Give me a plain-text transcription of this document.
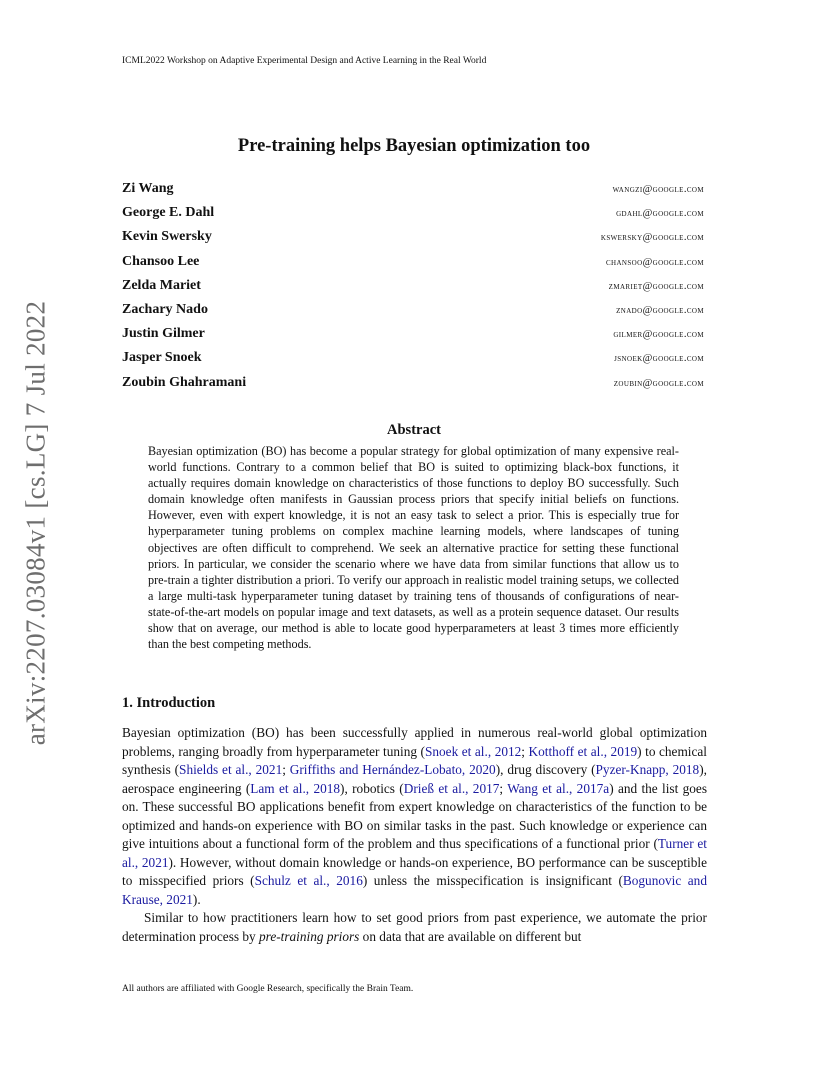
ICML2022 Workshop on Adaptive Experimental Design and Active Learning in the Real World
Pre-training helps Bayesian optimization too
Zi Wang	wangzi@google.com
George E. Dahl	gdahl@google.com
Kevin Swersky	kswersky@google.com
Chansoo Lee	chansoo@google.com
Zelda Mariet	zmariet@google.com
Zachary Nado	znado@google.com
Justin Gilmer	gilmer@google.com
Jasper Snoek	jsnoek@google.com
Zoubin Ghahramani	zoubin@google.com
Abstract
Bayesian optimization (BO) has become a popular strategy for global optimization of many expensive real-world functions. Contrary to a common belief that BO is suited to optimizing black-box functions, it actually requires domain knowledge on characteristics of those functions to deploy BO successfully. Such domain knowledge often manifests in Gaussian process priors that specify initial beliefs on functions. However, even with expert knowledge, it is not an easy task to select a prior. This is especially true for hyperparameter tuning problems on complex machine learning models, where landscapes of tuning objectives are often difficult to comprehend. We seek an alternative practice for setting these functional priors. In particular, we consider the scenario where we have data from similar functions that allow us to pre-train a tighter distribution a priori. To verify our approach in realistic model training setups, we collected a large multi-task hyperparameter tuning dataset by training tens of thousands of configurations of near-state-of-the-art models on popular image and text datasets, as well as a protein sequence dataset. Our results show that on average, our method is able to locate good hyperparameters at least 3 times more efficiently than the best competing methods.
1. Introduction

Bayesian optimization (BO) has been successfully applied in numerous real-world global optimization problems, ranging broadly from hyperparameter tuning (Snoek et al., 2012; Kotthoff et al., 2019) to chemical synthesis (Shields et al., 2021; Griffiths and Hernández-Lobato, 2020), drug discovery (Pyzer-Knapp, 2018), aerospace engineering (Lam et al., 2018), robotics (Drieß et al., 2017; Wang et al., 2017a) and the list goes on. These successful BO applications benefit from expert knowledge on characteristics of the function to be optimized and hands-on experience with BO on similar tasks in the past. Such knowledge or experience can give intuitions about a functional form of the problem and thus specifications of a functional prior (Turner et al., 2021). However, without domain knowledge or hands-on experience, BO performance can be susceptible to misspecified priors (Schulz et al., 2016) unless the misspecification is insignificant (Bogunovic and Krause, 2021).

Similar to how practitioners learn how to set good priors from past experience, we automate the prior determination process by pre-training priors on data that are available on different but

All authors are affiliated with Google Research, specifically the Brain Team.
arXiv:2207.03084v1 [cs.LG] 7 Jul 2022
